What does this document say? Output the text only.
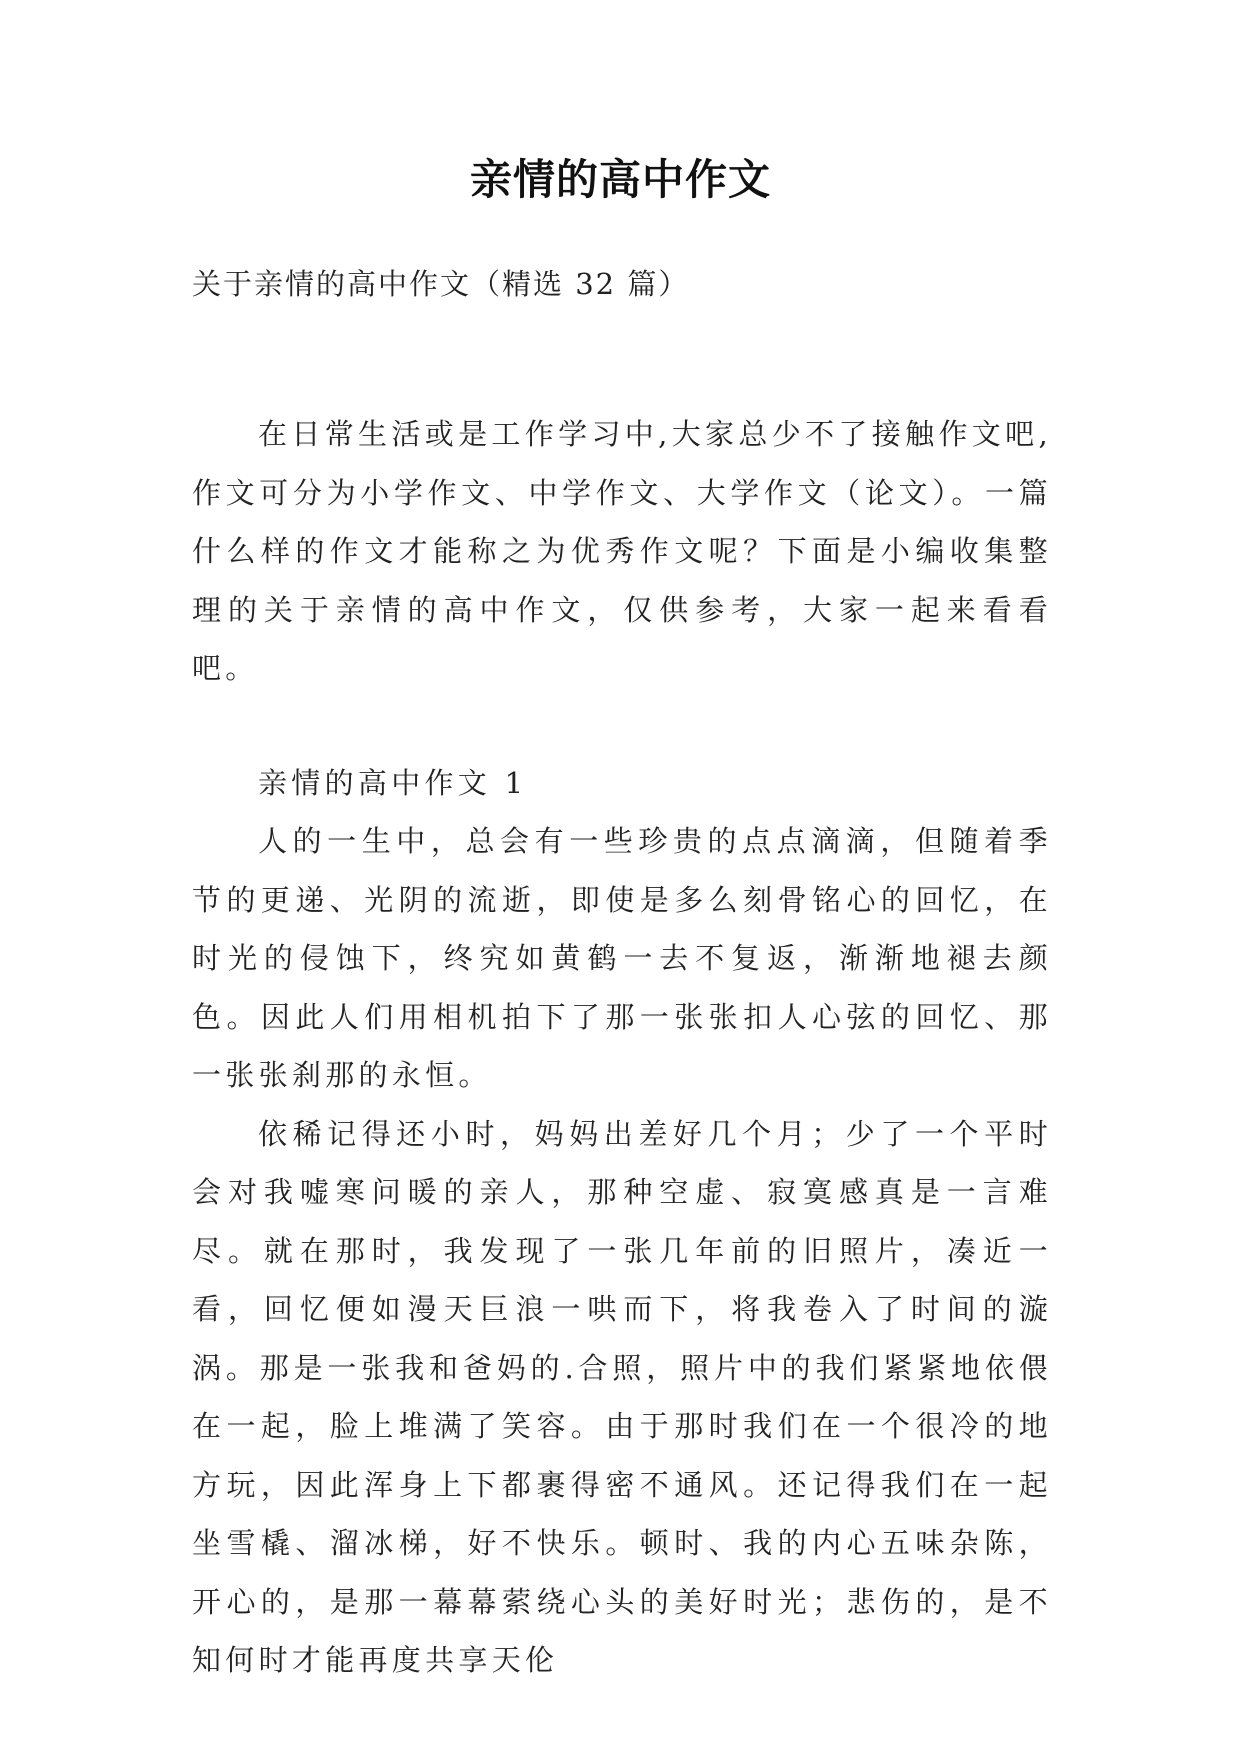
亲情的高中作文
关于亲情的高中作文（精选 32 篇）

在日常生活或是工作学习中,大家总少不了接触作文吧,作文可分为小学作文、中学作文、大学作文（论文）。一篇什么样的作文才能称之为优秀作文呢？下面是小编收集整理的关于亲情的高中作文，仅供参考，大家一起来看看吧。

亲情的高中作文 1

人的一生中，总会有一些珍贵的点点滴滴，但随着季节的更递、光阴的流逝，即使是多么刻骨铭心的回忆，在时光的侵蚀下，终究如黄鹤一去不复返，渐渐地褪去颜色。因此人们用相机拍下了那一张张扣人心弦的回忆、那一张张刹那的永恒。

依稀记得还小时，妈妈出差好几个月；少了一个平时会对我嘘寒问暖的亲人，那种空虚、寂寞感真是一言难尽。就在那时，我发现了一张几年前的旧照片，凑近一看，回忆便如漫天巨浪一哄而下，将我卷入了时间的漩涡。那是一张我和爸妈的.合照，照片中的我们紧紧地依偎在一起，脸上堆满了笑容。由于那时我们在一个很冷的地方玩，因此浑身上下都裹得密不通风。还记得我们在一起坐雪橇、溜冰梯，好不快乐。顿时、我的内心五味杂陈，开心的，是那一幕幕萦绕心头的美好时光；悲伤的，是不知何时才能再度共享天伦
